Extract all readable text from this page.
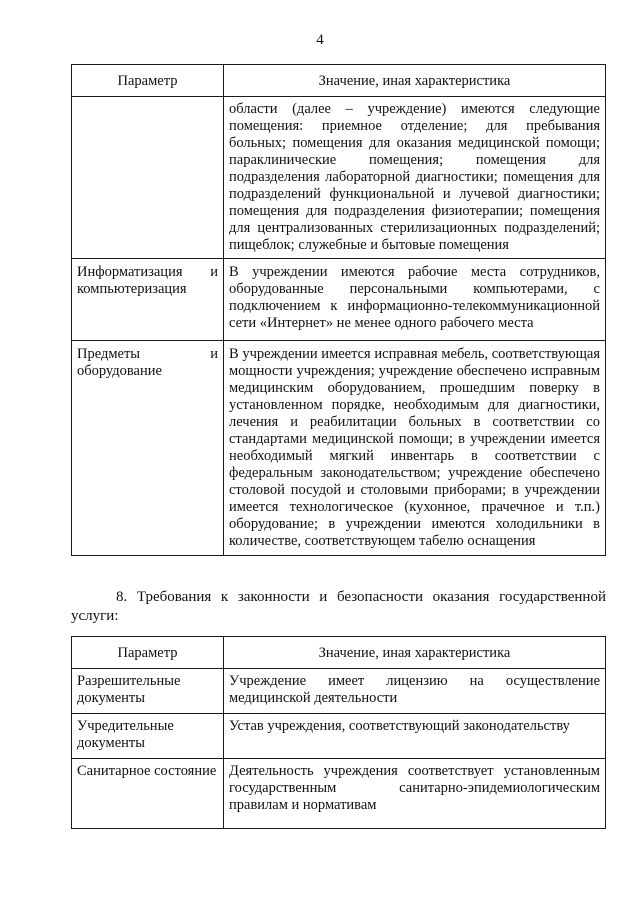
4
Параметр	Значение, иная характеристика
	области (далее – учреждение) имеются следующие помещения: приемное отделение; для пребывания больных; помещения для оказания медицинской помощи; параклинические помещения; помещения для подразделения лабораторной диагностики; помещения для подразделений функциональной и лучевой диагностики; помещения для подразделения физиотерапии; помещения для централизованных стерилизационных подразделений; пищеблок; служебные и бытовые помещения
Информатизация и компьютеризация	В учреждении имеются рабочие места сотрудников, оборудованные персональными компьютерами, с подключением к информационно-телекоммуникационной сети «Интернет» не менее одного рабочего места
Предметы и оборудование	В учреждении имеется исправная мебель, соответствующая мощности учреждения; учреждение обеспечено исправным медицинским оборудованием, прошедшим поверку в установленном порядке, необходимым для диагностики, лечения и реабилитации больных в соответствии со стандартами медицинской помощи; в учреждении имеется необходимый мягкий инвентарь в соответствии с федеральным законодательством; учреждение обеспечено столовой посудой и столовыми приборами; в учреждении имеется технологическое (кухонное, прачечное и т.п.) оборудование; в учреждении имеются холодильники в количестве, соответствующем табелю оснащения
8. Требования к законности и безопасности оказания государственной услуги:
Параметр	Значение, иная характеристика
Разрешительные документы	Учреждение имеет лицензию на осуществление медицинской деятельности
Учредительные документы	Устав учреждения, соответствующий законодательству
Санитарное состояние	Деятельность учреждения соответствует установленным государственным санитарно-эпидемиологическим правилам и нормативам
